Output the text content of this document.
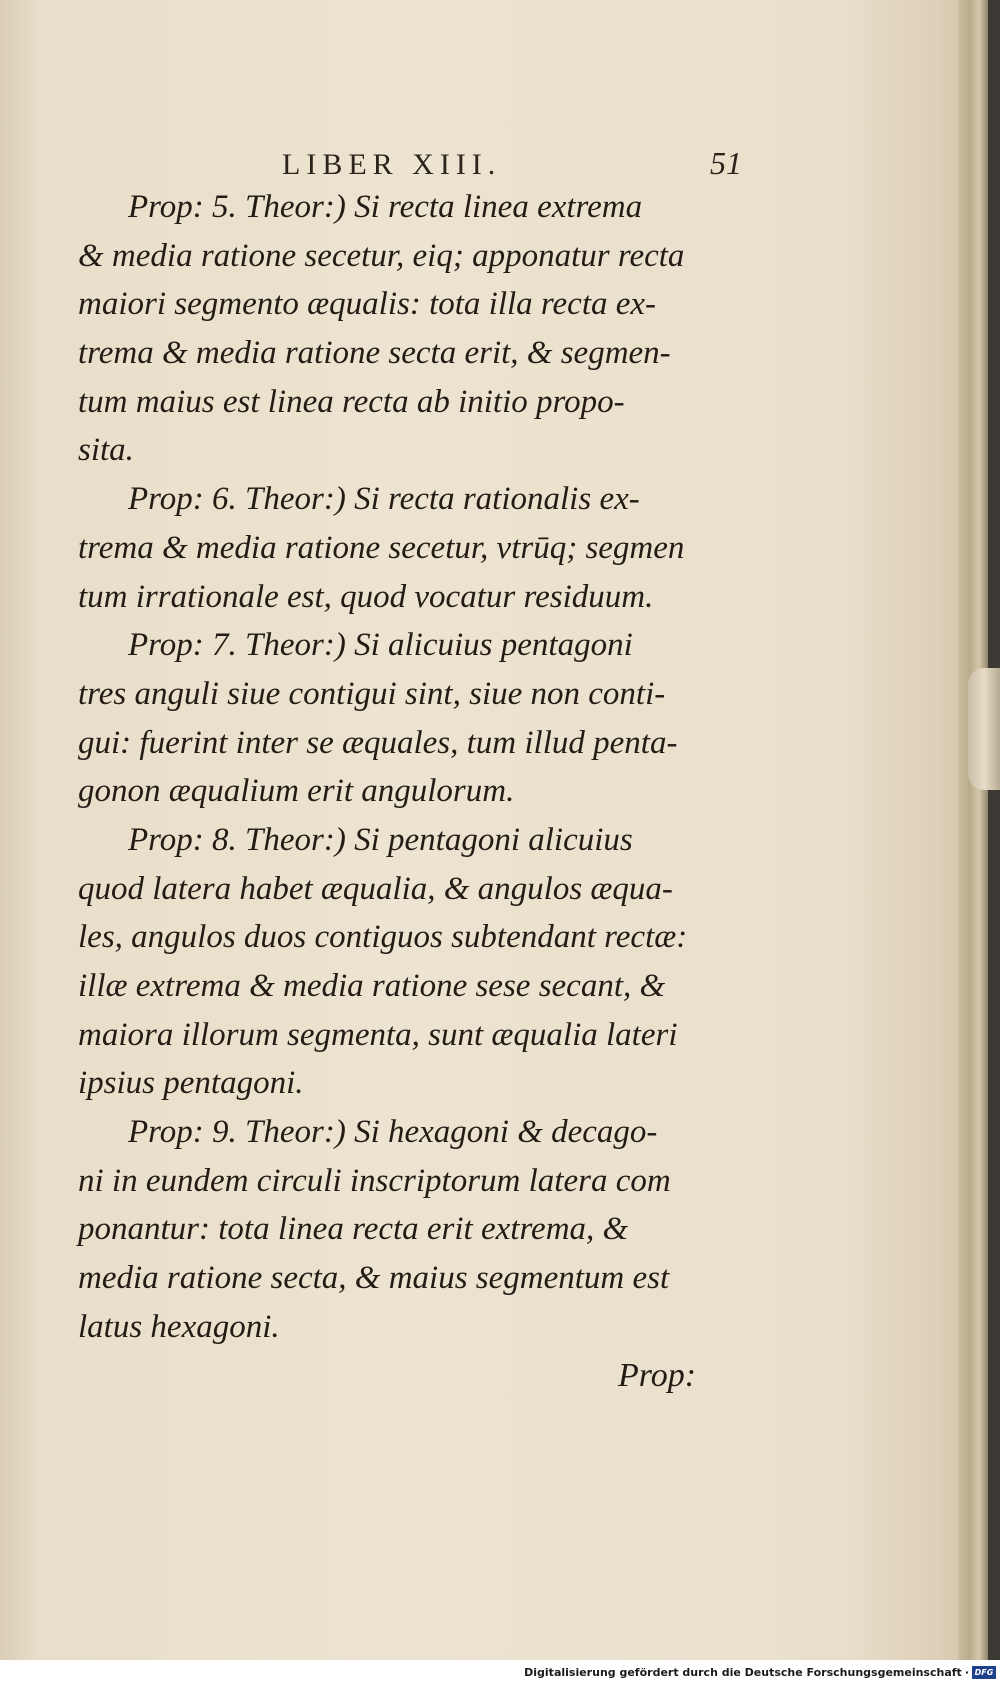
LIBER XIII.	51
Prop: 5. Theor:) Si recta linea extrema
& media ratione secetur, eiq; apponatur recta
maiori segmento æqualis: tota illa recta ex-
trema & media ratione secta erit, & segmen-
tum maius est linea recta ab initio propo-
sita.
Prop: 6. Theor:) Si recta rationalis ex-
trema & media ratione secetur, vtrūq; segmen
tum irrationale est, quod vocatur residuum.
Prop: 7. Theor:) Si alicuius pentagoni
tres anguli siue contigui sint, siue non conti-
gui: fuerint inter se æquales, tum illud penta-
gonon æqualium erit angulorum.
Prop: 8. Theor:) Si pentagoni alicuius
quod latera habet æqualia, & angulos æqua-
les, angulos duos contiguos subtendant rectæ:
illæ extrema & media ratione sese secant, &
maiora illorum segmenta, sunt æqualia lateri
ipsius pentagoni.
Prop: 9. Theor:) Si hexagoni & decago-
ni in eundem circuli inscriptorum latera com
ponantur: tota linea recta erit extrema, &
media ratione secta, & maius segmentum est
latus hexagoni.
Prop:
Digitalisierung gefördert durch die Deutsche Forschungsgemeinschaft · DFG
